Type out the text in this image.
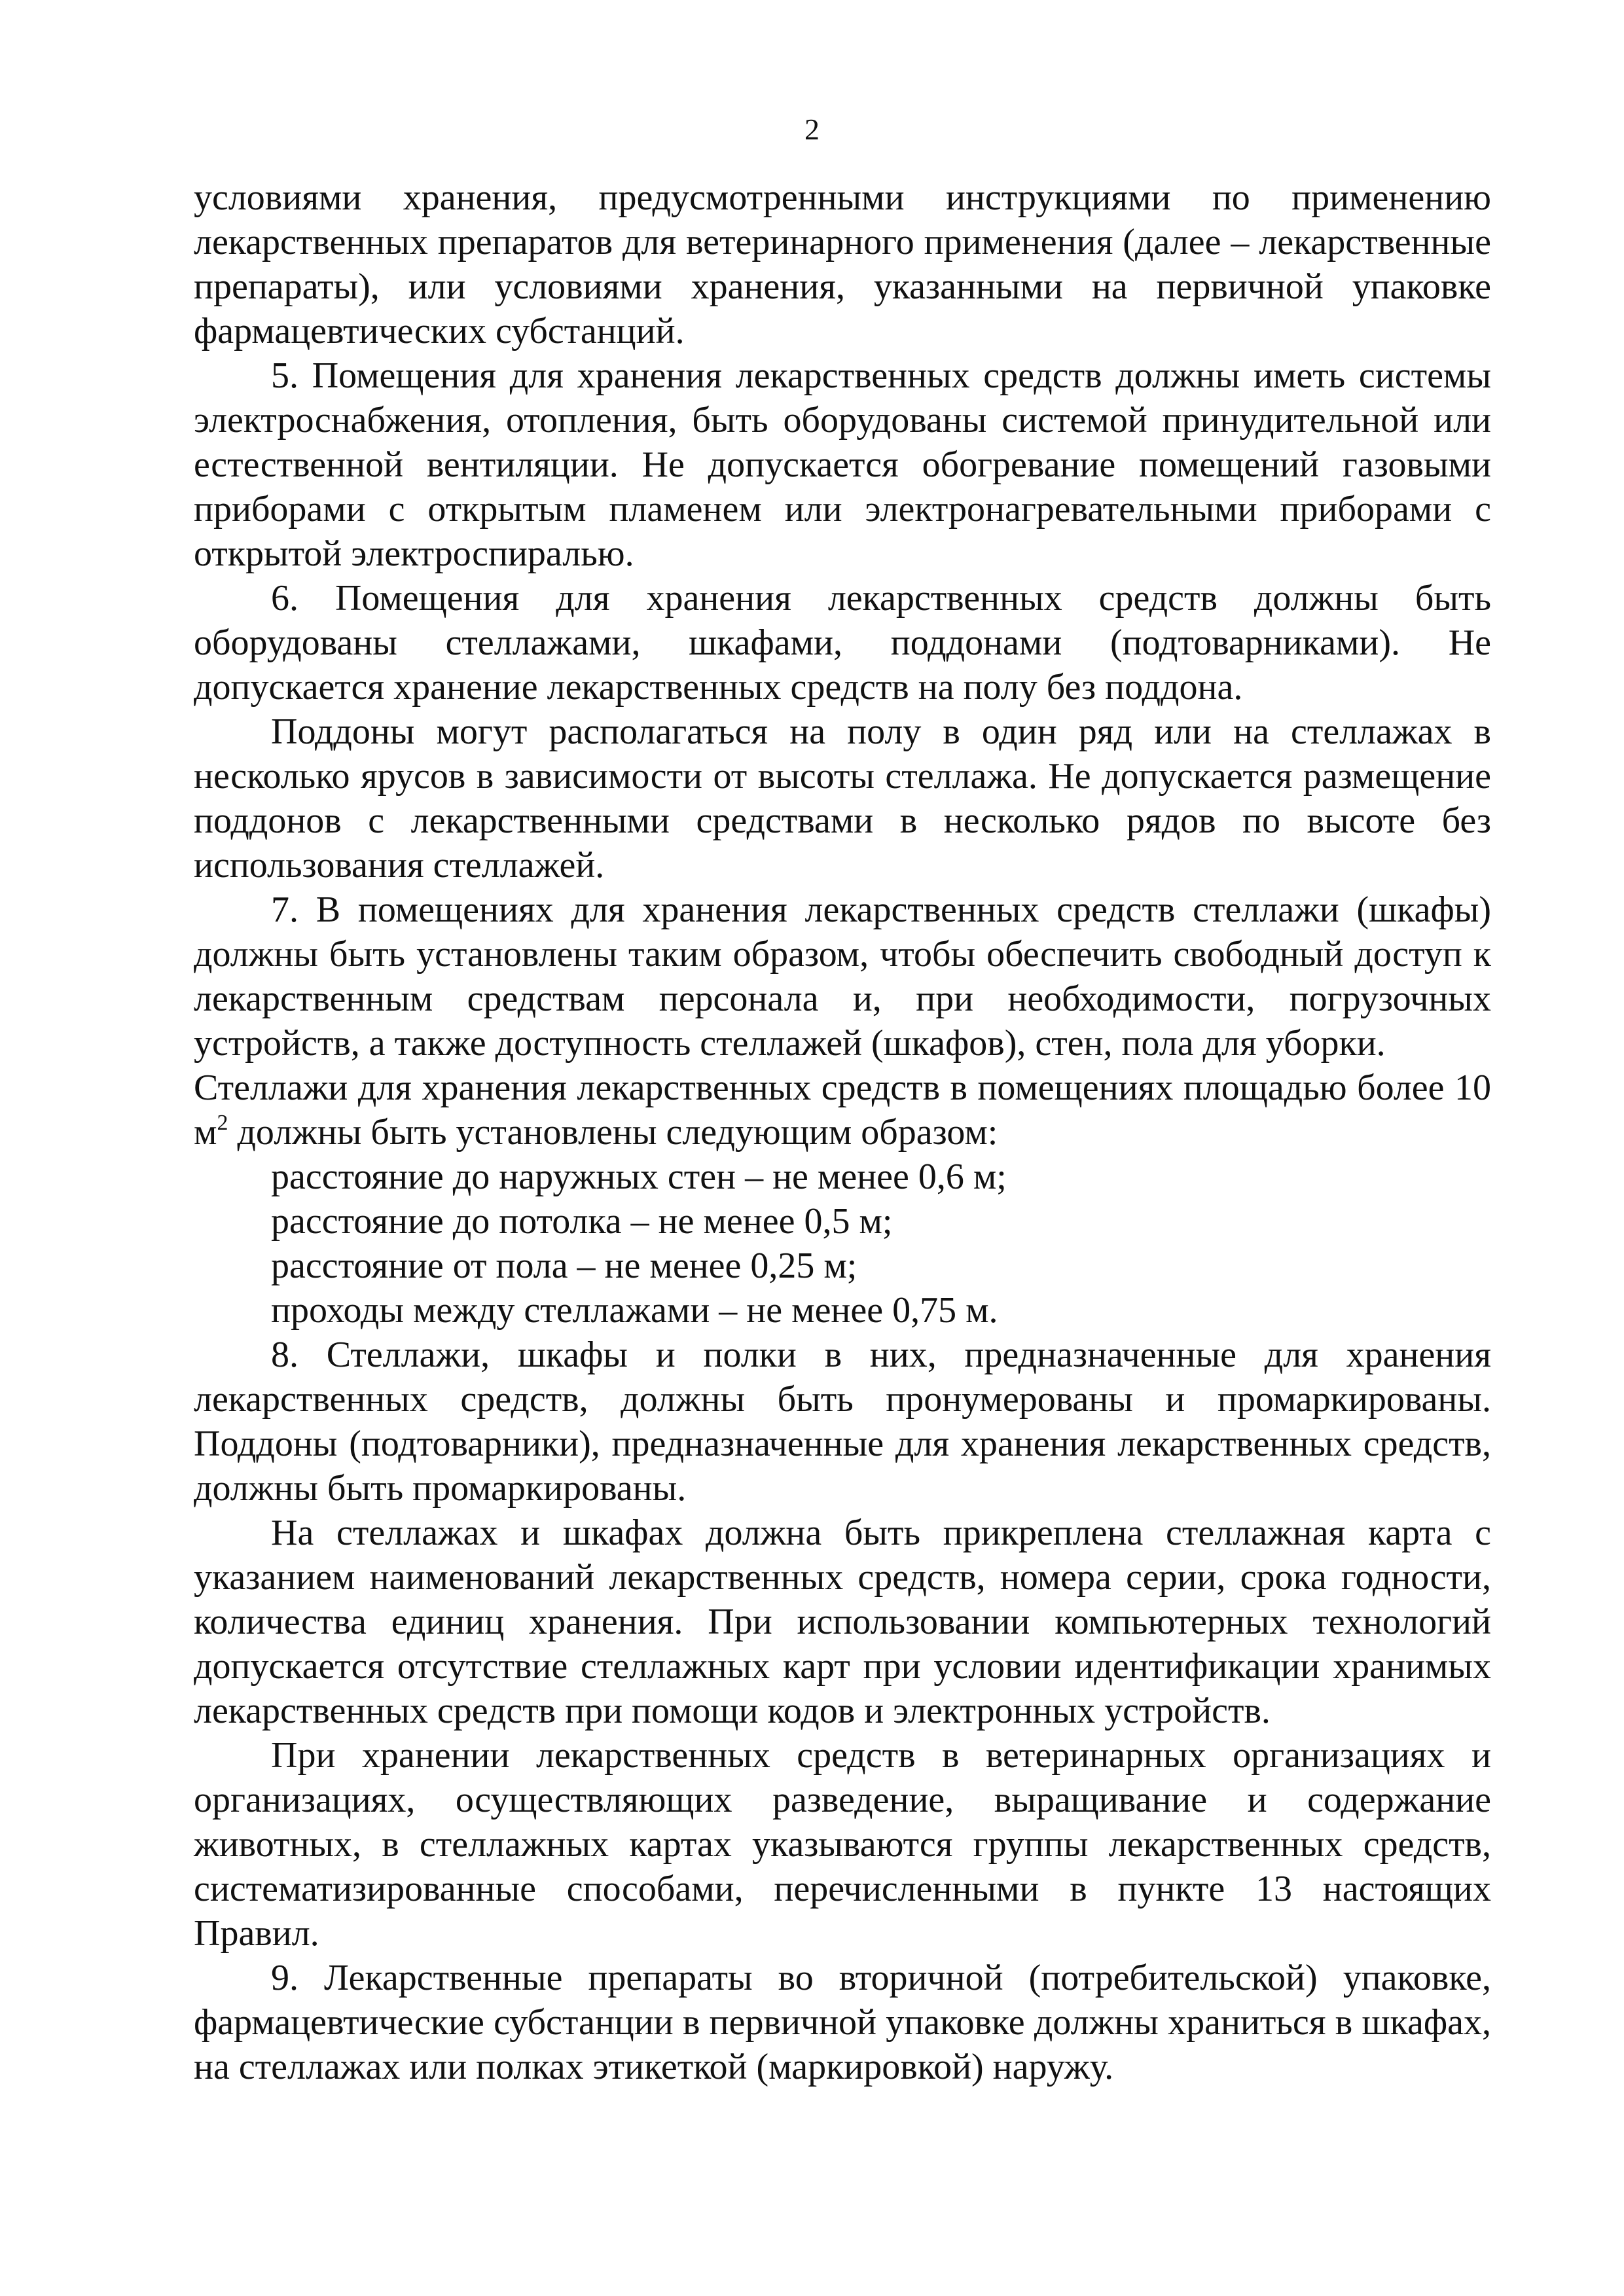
2

условиями хранения, предусмотренными инструкциями по применению лекарственных препаратов для ветеринарного применения (далее – лекарственные препараты), или условиями хранения, указанными на первичной упаковке фармацевтических субстанций.

5. Помещения для хранения лекарственных средств должны иметь системы электроснабжения, отопления, быть оборудованы системой принудительной или естественной вентиляции. Не допускается обогревание помещений газовыми приборами с открытым пламенем или электронагревательными приборами с открытой электроспиралью.

6. Помещения для хранения лекарственных средств должны быть оборудованы стеллажами, шкафами, поддонами (подтоварниками). Не допускается хранение лекарственных средств на полу без поддона.

Поддоны могут располагаться на полу в один ряд или на стеллажах в несколько ярусов в зависимости от высоты стеллажа. Не допускается размещение поддонов с лекарственными средствами в несколько рядов по высоте без использования стеллажей.

7. В помещениях для хранения лекарственных средств стеллажи (шкафы) должны быть установлены таким образом, чтобы обеспечить свободный доступ к лекарственным средствам персонала и, при необходимости, погрузочных устройств, а также доступность стеллажей (шкафов), стен, пола для уборки.

Стеллажи для хранения лекарственных средств в помещениях площадью более 10 $м^2$ должны быть установлены следующим образом:

расстояние до наружных стен – не менее 0,6 м;

расстояние до потолка – не менее 0,5 м;

расстояние от пола – не менее 0,25 м;

проходы между стеллажами – не менее 0,75 м.

8. Стеллажи, шкафы и полки в них, предназначенные для хранения лекарственных средств, должны быть пронумерованы и промаркированы. Поддоны (подтоварники), предназначенные для хранения лекарственных средств, должны быть промаркированы.

На стеллажах и шкафах должна быть прикреплена стеллажная карта с указанием наименований лекарственных средств, номера серии, срока годности, количества единиц хранения. При использовании компьютерных технологий допускается отсутствие стеллажных карт при условии идентификации хранимых лекарственных средств при помощи кодов и электронных устройств.

При хранении лекарственных средств в ветеринарных организациях и организациях, осуществляющих разведение, выращивание и содержание животных, в стеллажных картах указываются группы лекарственных средств, систематизированные способами, перечисленными в пункте 13 настоящих Правил.

9. Лекарственные препараты во вторичной (потребительской) упаковке, фармацевтические субстанции в первичной упаковке должны храниться в шкафах, на стеллажах или полках этикеткой (маркировкой) наружу.
